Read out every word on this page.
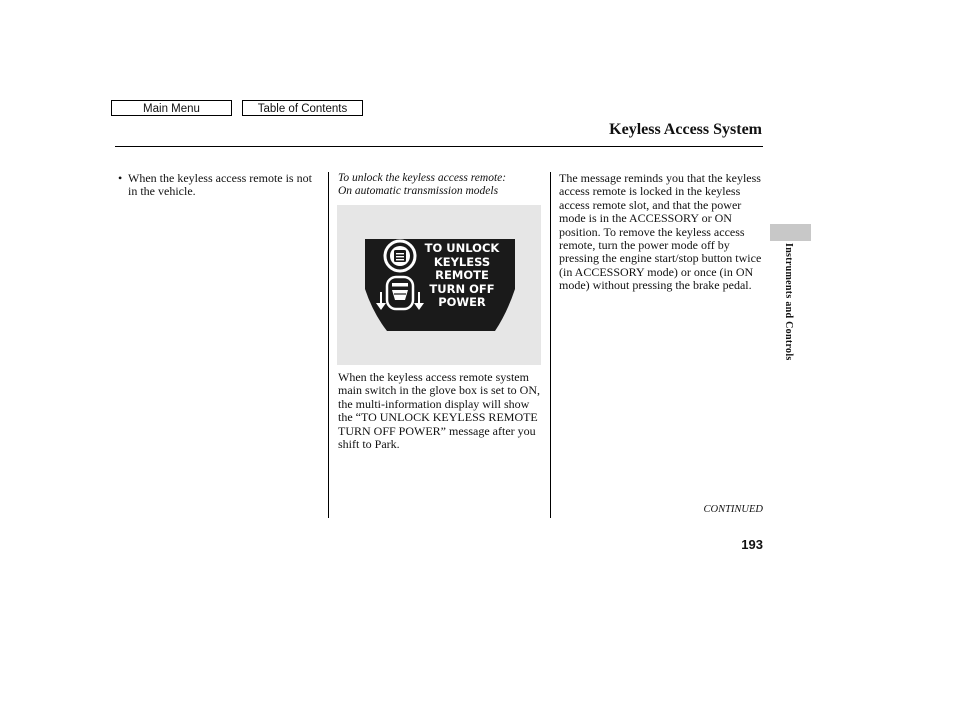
Main Menu	Table of Contents
Keyless Access System
• When the keyless access remote is not in the vehicle.
To unlock the keyless access remote:
On automatic transmission models
TO UNLOCK
KEYLESS
REMOTE
TURN OFF
POWER
When the keyless access remote system main switch in the glove box is set to ON, the multi-information display will show the “TO UNLOCK KEYLESS REMOTE TURN OFF POWER” message after you shift to Park.
The message reminds you that the keyless access remote is locked in the keyless access remote slot, and that the power mode is in the ACCESSORY or ON position. To remove the keyless access remote, turn the power mode off by pressing the engine start/stop button twice (in ACCESSORY mode) or once (in ON mode) without pressing the brake pedal.	Instruments and Controls
CONTINUED
193
